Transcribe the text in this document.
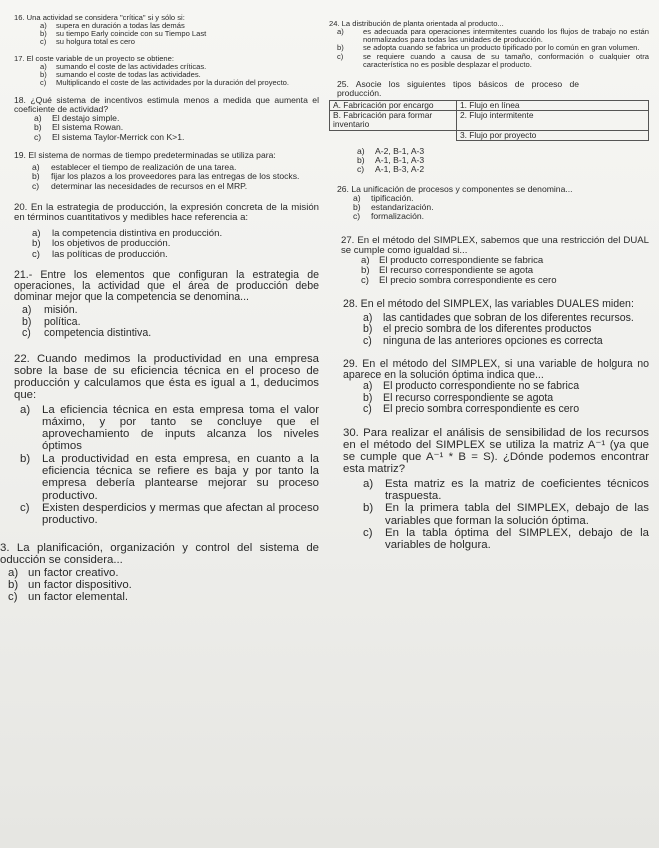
16. Una actividad se considera "crítica" si y sólo si:

a)	supera en duración a todas las demás
b)	su tiempo Early coincide con su Tiempo Last
c)	su holgura total es cero

17. El coste variable de un proyecto se obtiene:

a)	sumando el coste de las actividades críticas.
b)	sumando el coste de todas las actividades.
c)	Multiplicando el coste de las actividades por la duración del proyecto.

18. ¿Qué sistema de incentivos estimula menos a medida que aumenta el coeficiente de actividad?

a)	El destajo simple.
b)	El sistema Rowan.
c)	El sistema Taylor-Merrick con K>1.

19. El sistema de normas de tiempo predeterminadas se utiliza para:

a)	establecer el tiempo de realización de una tarea.
b)	fijar los plazos a los proveedores para las entregas de los stocks.
c)	determinar las necesidades de recursos en el MRP.

20. En la estrategia de producción, la expresión concreta de la misión en términos cuantitativos y medibles hace referencia a:

a)	la competencia distintiva en producción.
b)	los objetivos de producción.
c)	las políticas de producción.

21.- Entre los elementos que configuran la estrategia de operaciones, la actividad que el área de producción debe dominar mejor que la competencia se denomina...

a)	misión.
b)	política.
c)	competencia distintiva.

22. Cuando medimos la productividad en una empresa sobre la base de su eficiencia técnica en el proceso de producción y calculamos que ésta es igual a 1, deducimos que:

a)	La eficiencia técnica en esta empresa toma el valor máximo, y por tanto se concluye que el aprovechamiento de inputs alcanza los niveles óptimos
b)	La productividad en esta empresa, en cuanto a la eficiencia técnica se refiere es baja y por tanto la empresa debería plantearse mejorar su proceso productivo.
c)	Existen desperdicios y mermas que afectan al proceso productivo.

3. La planificación, organización y control del sistema de oducción se considera...

a) un factor creativo.
b) un factor dispositivo.
c) un factor elemental.

24. La distribución de planta orientada al producto...

a)	es adecuada para operaciones intermitentes cuando los flujos de trabajo no están normalizados para todas las unidades de producción.
b)	se adopta cuando se fabrica un producto tipificado por lo común en gran volumen.
c)	se requiere cuando a causa de su tamaño, conformación o cualquier otra característica no es posible desplazar el producto.

25. Asocie los siguientes tipos básicos de proceso de producción.

A. Fabricación por encargo	1. Flujo en línea
B. Fabricación para formar inventario	2. Flujo intermitente
	3. Flujo por proyecto
a)	A-2, B-1, A-3
b)	A-1, B-1, A-3
c)	A-1, B-3, A-2

26. La unificación de procesos y componentes se denomina...

a)	tipificación.
b)	estandarización.
c)	formalización.

27. En el método del SIMPLEX, sabemos que una restricción del DUAL se cumple como igualdad si...

a) El producto correspondiente se fabrica
b) El recurso correspondiente se agota
c)	El precio sombra correspondiente es cero

28. En el método del SIMPLEX, las variables DUALES miden:

a) las cantidades que sobran de los diferentes recursos.
b) el precio sombra de los diferentes productos
c)	ninguna de las anteriores opciones es correcta

29. En el método del SIMPLEX, si una variable de holgura no aparece en la solución óptima indica que...

a) El producto correspondiente no se fabrica
b) El recurso correspondiente se agota
c)	El precio sombra correspondiente es cero

30. Para realizar el análisis de sensibilidad de los recursos en el método del SIMPLEX se utiliza la matriz A⁻¹ (ya que se cumple que A⁻¹ * B = S). ¿Dónde podemos encontrar esta matriz?

a)	Esta matriz es la matriz de coeficientes técnicos traspuesta.
b)	En la primera tabla del SIMPLEX, debajo de las variables que forman la solución óptima.
c)	En la tabla óptima del SIMPLEX, debajo de la variables de holgura.
